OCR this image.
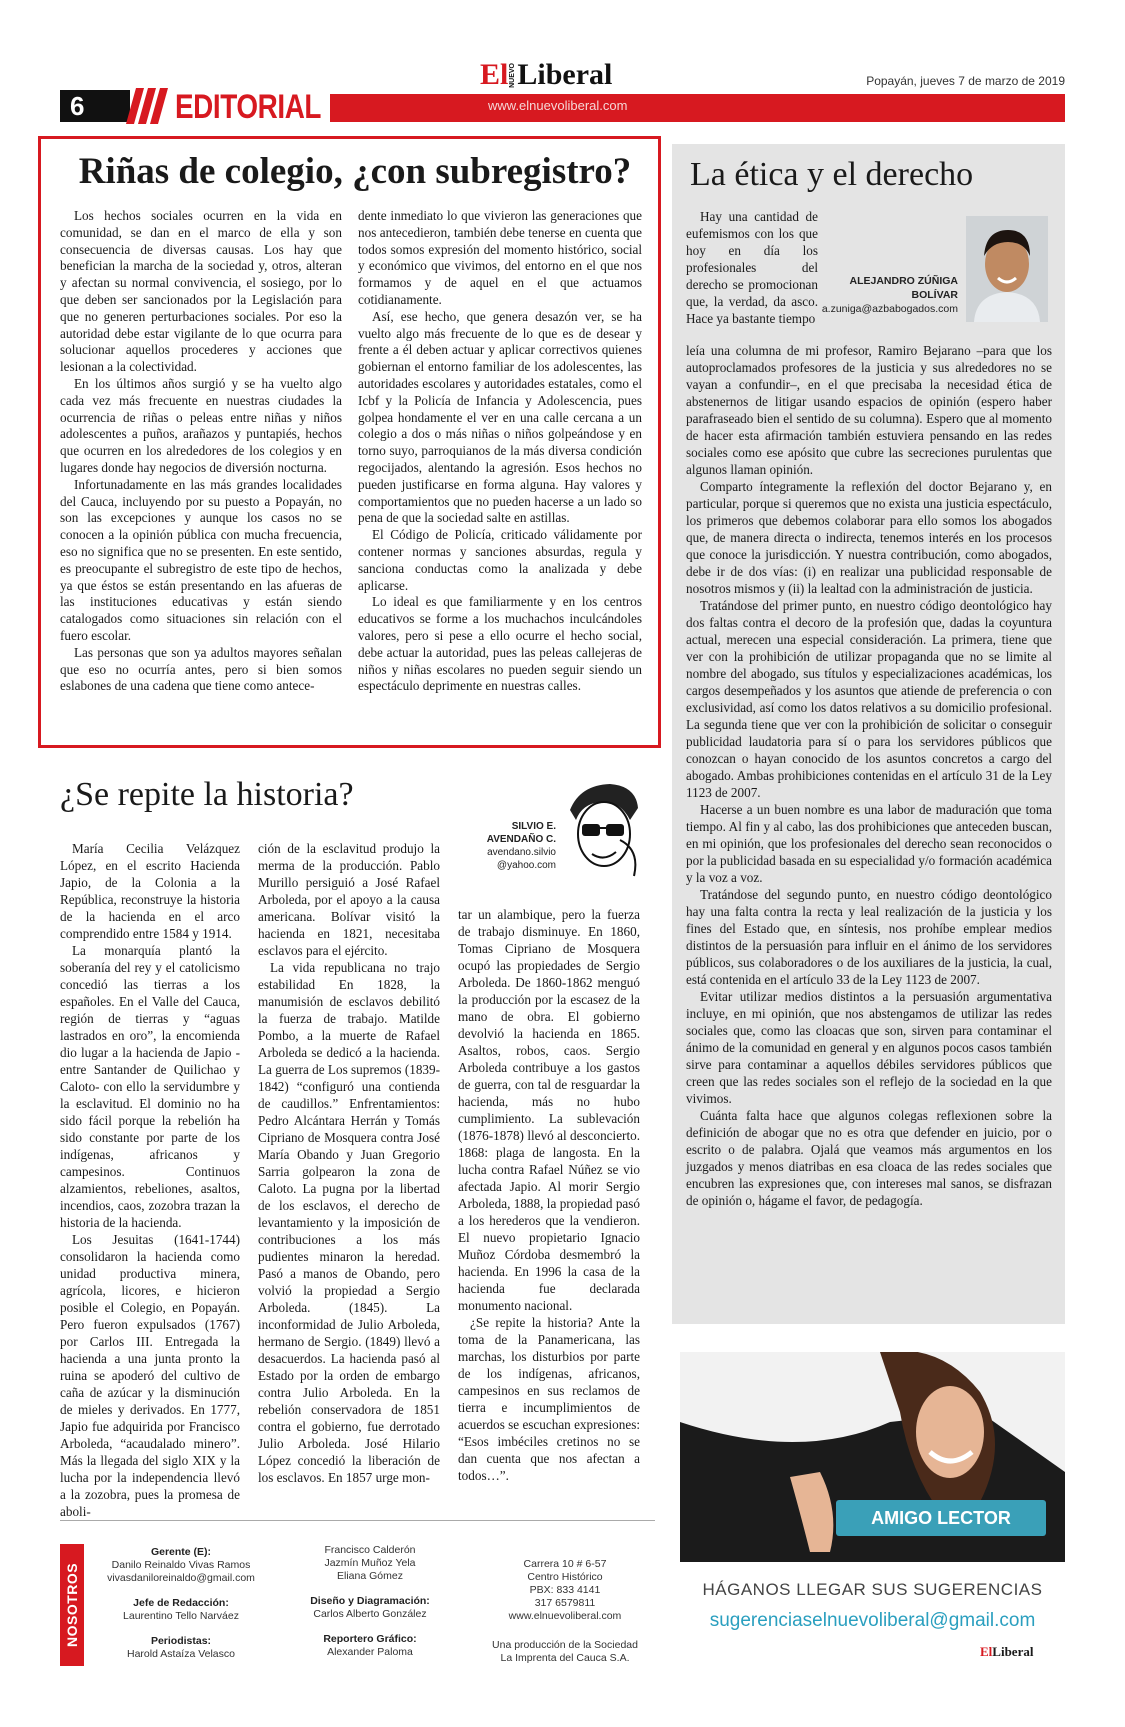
El NUEVO Liberal	Popayán, jueves 7 de marzo de 2019
www.elnuevoliberal.com
6	EDITORIAL
Riñas de colegio, ¿con subregistro?

Los hechos sociales ocurren en la vida en comunidad, se dan en el marco de ella y son consecuencia de diversas causas. Los hay que benefician la marcha de la sociedad y, otros, alteran y afectan su normal convivencia, el sosiego, por lo que deben ser sancionados por la Legislación para que no generen perturbaciones sociales. Por eso la autoridad debe estar vigilante de lo que ocurra para solucionar aquellos procederes y acciones que lesionan a la colectividad.

En los últimos años surgió y se ha vuelto algo cada vez más frecuente en nuestras ciudades la ocurrencia de riñas o peleas entre niñas y niños adolescentes a puños, arañazos y puntapiés, hechos que ocurren en los alrededores de los colegios y en lugares donde hay negocios de diversión nocturna.

Infortunadamente en las más grandes localidades del Cauca, incluyendo por su puesto a Popayán, no son las excepciones y aunque los casos no se conocen a la opinión pública con mucha frecuencia, eso no significa que no se presenten. En este sentido, es preocupante el subregistro de este tipo de hechos, ya que éstos se están presentando en las afueras de las instituciones educativas y están siendo catalogados como situaciones sin relación con el fuero escolar.

Las personas que son ya adultos mayores señalan que eso no ocurría antes, pero si bien somos eslabones de una cadena que tiene como antece-

dente inmediato lo que vivieron las generaciones que nos antecedieron, también debe tenerse en cuenta que todos somos expresión del momento histórico, social y económico que vivimos, del entorno en el que nos formamos y de aquel en el que actuamos cotidianamente.

Así, ese hecho, que genera desazón ver, se ha vuelto algo más frecuente de lo que es de desear y frente a él deben actuar y aplicar correctivos quienes gobiernan el entorno familiar de los adolescentes, las autoridades escolares y autoridades estatales, como el Icbf y la Policía de Infancia y Adolescencia, pues golpea hondamente el ver en una calle cercana a un colegio a dos o más niñas o niños golpeándose y en torno suyo, parroquianos de la más diversa condición regocijados, alentando la agresión. Esos hechos no pueden justificarse en forma alguna. Hay valores y comportamientos que no pueden hacerse a un lado so pena de que la sociedad salte en astillas.

El Código de Policía, criticado válidamente por contener normas y sanciones absurdas, regula y sanciona conductas como la analizada y debe aplicarse.

Lo ideal es que familiarmente y en los centros educativos se forme a los muchachos inculcándoles valores, pero si pese a ello ocurre el hecho social, debe actuar la autoridad, pues las peleas callejeras de niños y niñas escolares no pueden seguir siendo un espectáculo deprimente en nuestras calles.

¿Se repite la historia?
SILVIO E.
AVENDAÑO C.
avendano.silvio
@yahoo.com

María Cecilia Velázquez López, en el escrito Hacienda Japio, de la Colonia a la República, reconstruye la historia de la hacienda en el arco comprendido entre 1584 y 1914.

La monarquía plantó la soberanía del rey y el catolicismo concedió las tierras a los españoles. En el Valle del Cauca, región de tierras y “aguas lastrados en oro”, la encomienda dio lugar a la hacienda de Japio -entre Santander de Quilichao y Caloto- con ello la servidumbre y la esclavitud. El dominio no ha sido fácil porque la rebelión ha sido constante por parte de los indígenas, africanos y campesinos. Continuos alzamientos, rebeliones, asaltos, incendios, caos, zozobra trazan la historia de la hacienda.

Los Jesuitas (1641-1744) consolidaron la hacienda como unidad productiva minera, agrícola, licores, e hicieron posible el Colegio, en Popayán. Pero fueron expulsados (1767) por Carlos III. Entregada la hacienda a una junta pronto la ruina se apoderó del cultivo de caña de azúcar y la disminución de mieles y derivados. En 1777, Japio fue adquirida por Francisco Arboleda, “acaudalado minero”. Más la llegada del siglo XIX y la lucha por la independencia llevó a la zozobra, pues la promesa de aboli-

ción de la esclavitud produjo la merma de la producción. Pablo Murillo persiguió a José Rafael Arboleda, por el apoyo a la causa americana. Bolívar visitó la hacienda en 1821, necesitaba esclavos para el ejército.

La vida republicana no trajo estabilidad En 1828, la manumisión de esclavos debilitó la fuerza de trabajo. Matilde Pombo, a la muerte de Rafael Arboleda se dedicó a la hacienda. La guerra de Los supremos (1839-1842) “configuró una contienda de caudillos.” Enfrentamientos: Pedro Alcántara Herrán y Tomás Cipriano de Mosquera contra José María Obando y Juan Gregorio Sarria golpearon la zona de Caloto. La pugna por la libertad de los esclavos, el derecho de levantamiento y la imposición de contribuciones a los más pudientes minaron la heredad. Pasó a manos de Obando, pero volvió la propiedad a Sergio Arboleda. (1845). La inconformidad de Julio Arboleda, hermano de Sergio. (1849) llevó a desacuerdos. La hacienda pasó al Estado por la orden de embargo contra Julio Arboleda. En la rebelión conservadora de 1851 contra el gobierno, fue derrotado Julio Arboleda. José Hilario López concedió la liberación de los esclavos. En 1857 urge mon-

tar un alambique, pero la fuerza de trabajo disminuye. En 1860, Tomas Cipriano de Mosquera ocupó las propiedades de Sergio Arboleda. De 1860-1862 menguó la producción por la escasez de la mano de obra. El gobierno devolvió la hacienda en 1865. Asaltos, robos, caos. Sergio Arboleda contribuye a los gastos de guerra, con tal de resguardar la hacienda, más no hubo cumplimiento. La sublevación (1876-1878) llevó al desconcierto. 1868: plaga de langosta. En la lucha contra Rafael Núñez se vio afectada Japio. Al morir Sergio Arboleda, 1888, la propiedad pasó a los herederos que la vendieron. El nuevo propietario Ignacio Muñoz Córdoba desmembró la hacienda. En 1996 la casa de la hacienda fue declarada monumento nacional.

¿Se repite la historia? Ante la toma de la Panamericana, las marchas, los disturbios por parte de los indígenas, africanos, campesinos en sus reclamos de tierra e incumplimientos de acuerdos se escuchan expresiones: “Esos imbéciles cretinos no se dan cuenta que nos afectan a todos…”.

La ética y el derecho

Hay una cantidad de eufemismos con los que hoy en día los profesionales del derecho se promocionan que, la verdad, da asco. Hace ya bastante tiempo

ALEJANDRO ZÚÑIGA
BOLÍVAR
a.zuniga@azbabogados.com

leía una columna de mi profesor, Ramiro Bejarano –para que los autoproclamados profesores de la justicia y sus alrededores no se vayan a confundir–, en el que precisaba la necesidad ética de abstenernos de litigar usando espacios de opinión (espero haber parafraseado bien el sentido de su columna). Espero que al momento de hacer esta afirmación también estuviera pensando en las redes sociales como ese apósito que cubre las secreciones purulentas que algunos llaman opinión.

Comparto íntegramente la reflexión del doctor Bejarano y, en particular, porque si queremos que no exista una justicia espectáculo, los primeros que debemos colaborar para ello somos los abogados que, de manera directa o indirecta, tenemos interés en los procesos que conoce la jurisdicción. Y nuestra contribución, como abogados, debe ir de dos vías: (i) en realizar una publicidad responsable de nosotros mismos y (ii) la lealtad con la administración de justicia.

Tratándose del primer punto, en nuestro código deontológico hay dos faltas contra el decoro de la profesión que, dadas la coyuntura actual, merecen una especial consideración. La primera, tiene que ver con la prohibición de utilizar propaganda que no se limite al nombre del abogado, sus títulos y especializaciones académicas, los cargos desempeñados y los asuntos que atiende de preferencia o con exclusividad, así como los datos relativos a su domicilio profesional. La segunda tiene que ver con la prohibición de solicitar o conseguir publicidad laudatoria para sí o para los servidores públicos que conozcan o hayan conocido de los asuntos concretos a cargo del abogado. Ambas prohibiciones contenidas en el artículo 31 de la Ley 1123 de 2007.

Hacerse a un buen nombre es una labor de maduración que toma tiempo. Al fin y al cabo, las dos prohibiciones que anteceden buscan, en mi opinión, que los profesionales del derecho sean reconocidos o por la publicidad basada en su especialidad y/o formación académica y la voz a voz.

Tratándose del segundo punto, en nuestro código deontológico hay una falta contra la recta y leal realización de la justicia y los fines del Estado que, en síntesis, nos prohíbe emplear medios distintos de la persuasión para influir en el ánimo de los servidores públicos, sus colaboradores o de los auxiliares de la justicia, la cual, está contenida en el artículo 33 de la Ley 1123 de 2007.

Evitar utilizar medios distintos a la persuasión argumentativa incluye, en mi opinión, que nos abstengamos de utilizar las redes sociales que, como las cloacas que son, sirven para contaminar el ánimo de la comunidad en general y en algunos pocos casos también sirve para contaminar a aquellos débiles servidores públicos que creen que las redes sociales son el reflejo de la sociedad en la que vivimos.

Cuánta falta hace que algunos colegas reflexionen sobre la definición de abogar que no es otra que defender en juicio, por o escrito o de palabra. Ojalá que veamos más argumentos en los juzgados y menos diatribas en esa cloaca de las redes sociales que encubren las expresiones que, con intereses mal sanos, se disfrazan de opinión o, hágame el favor, de pedagogía.

AMIGO LECTOR
HÁGANOS LLEGAR SUS SUGERENCIAS
sugerenciaselnuevoliberal@gmail.com
ElLiberal
NOSOTROS
Gerente (E):
Danilo Reinaldo Vivas Ramos
vivasdaniloreinaldo@gmail.com
Jefe de Redacción:
Laurentino Tello Narváez
Periodistas:
Harold Astaíza Velasco
Francisco Calderón
Jazmín Muñoz Yela
Eliana Gómez
Diseño y Diagramación:
Carlos Alberto González
Reportero Gráfico:
Alexander Paloma
Carrera 10 # 6-57
Centro Histórico
PBX: 833 4141
317 6579811
www.elnuevoliberal.com
Una producción de la Sociedad
La Imprenta del Cauca S.A.
